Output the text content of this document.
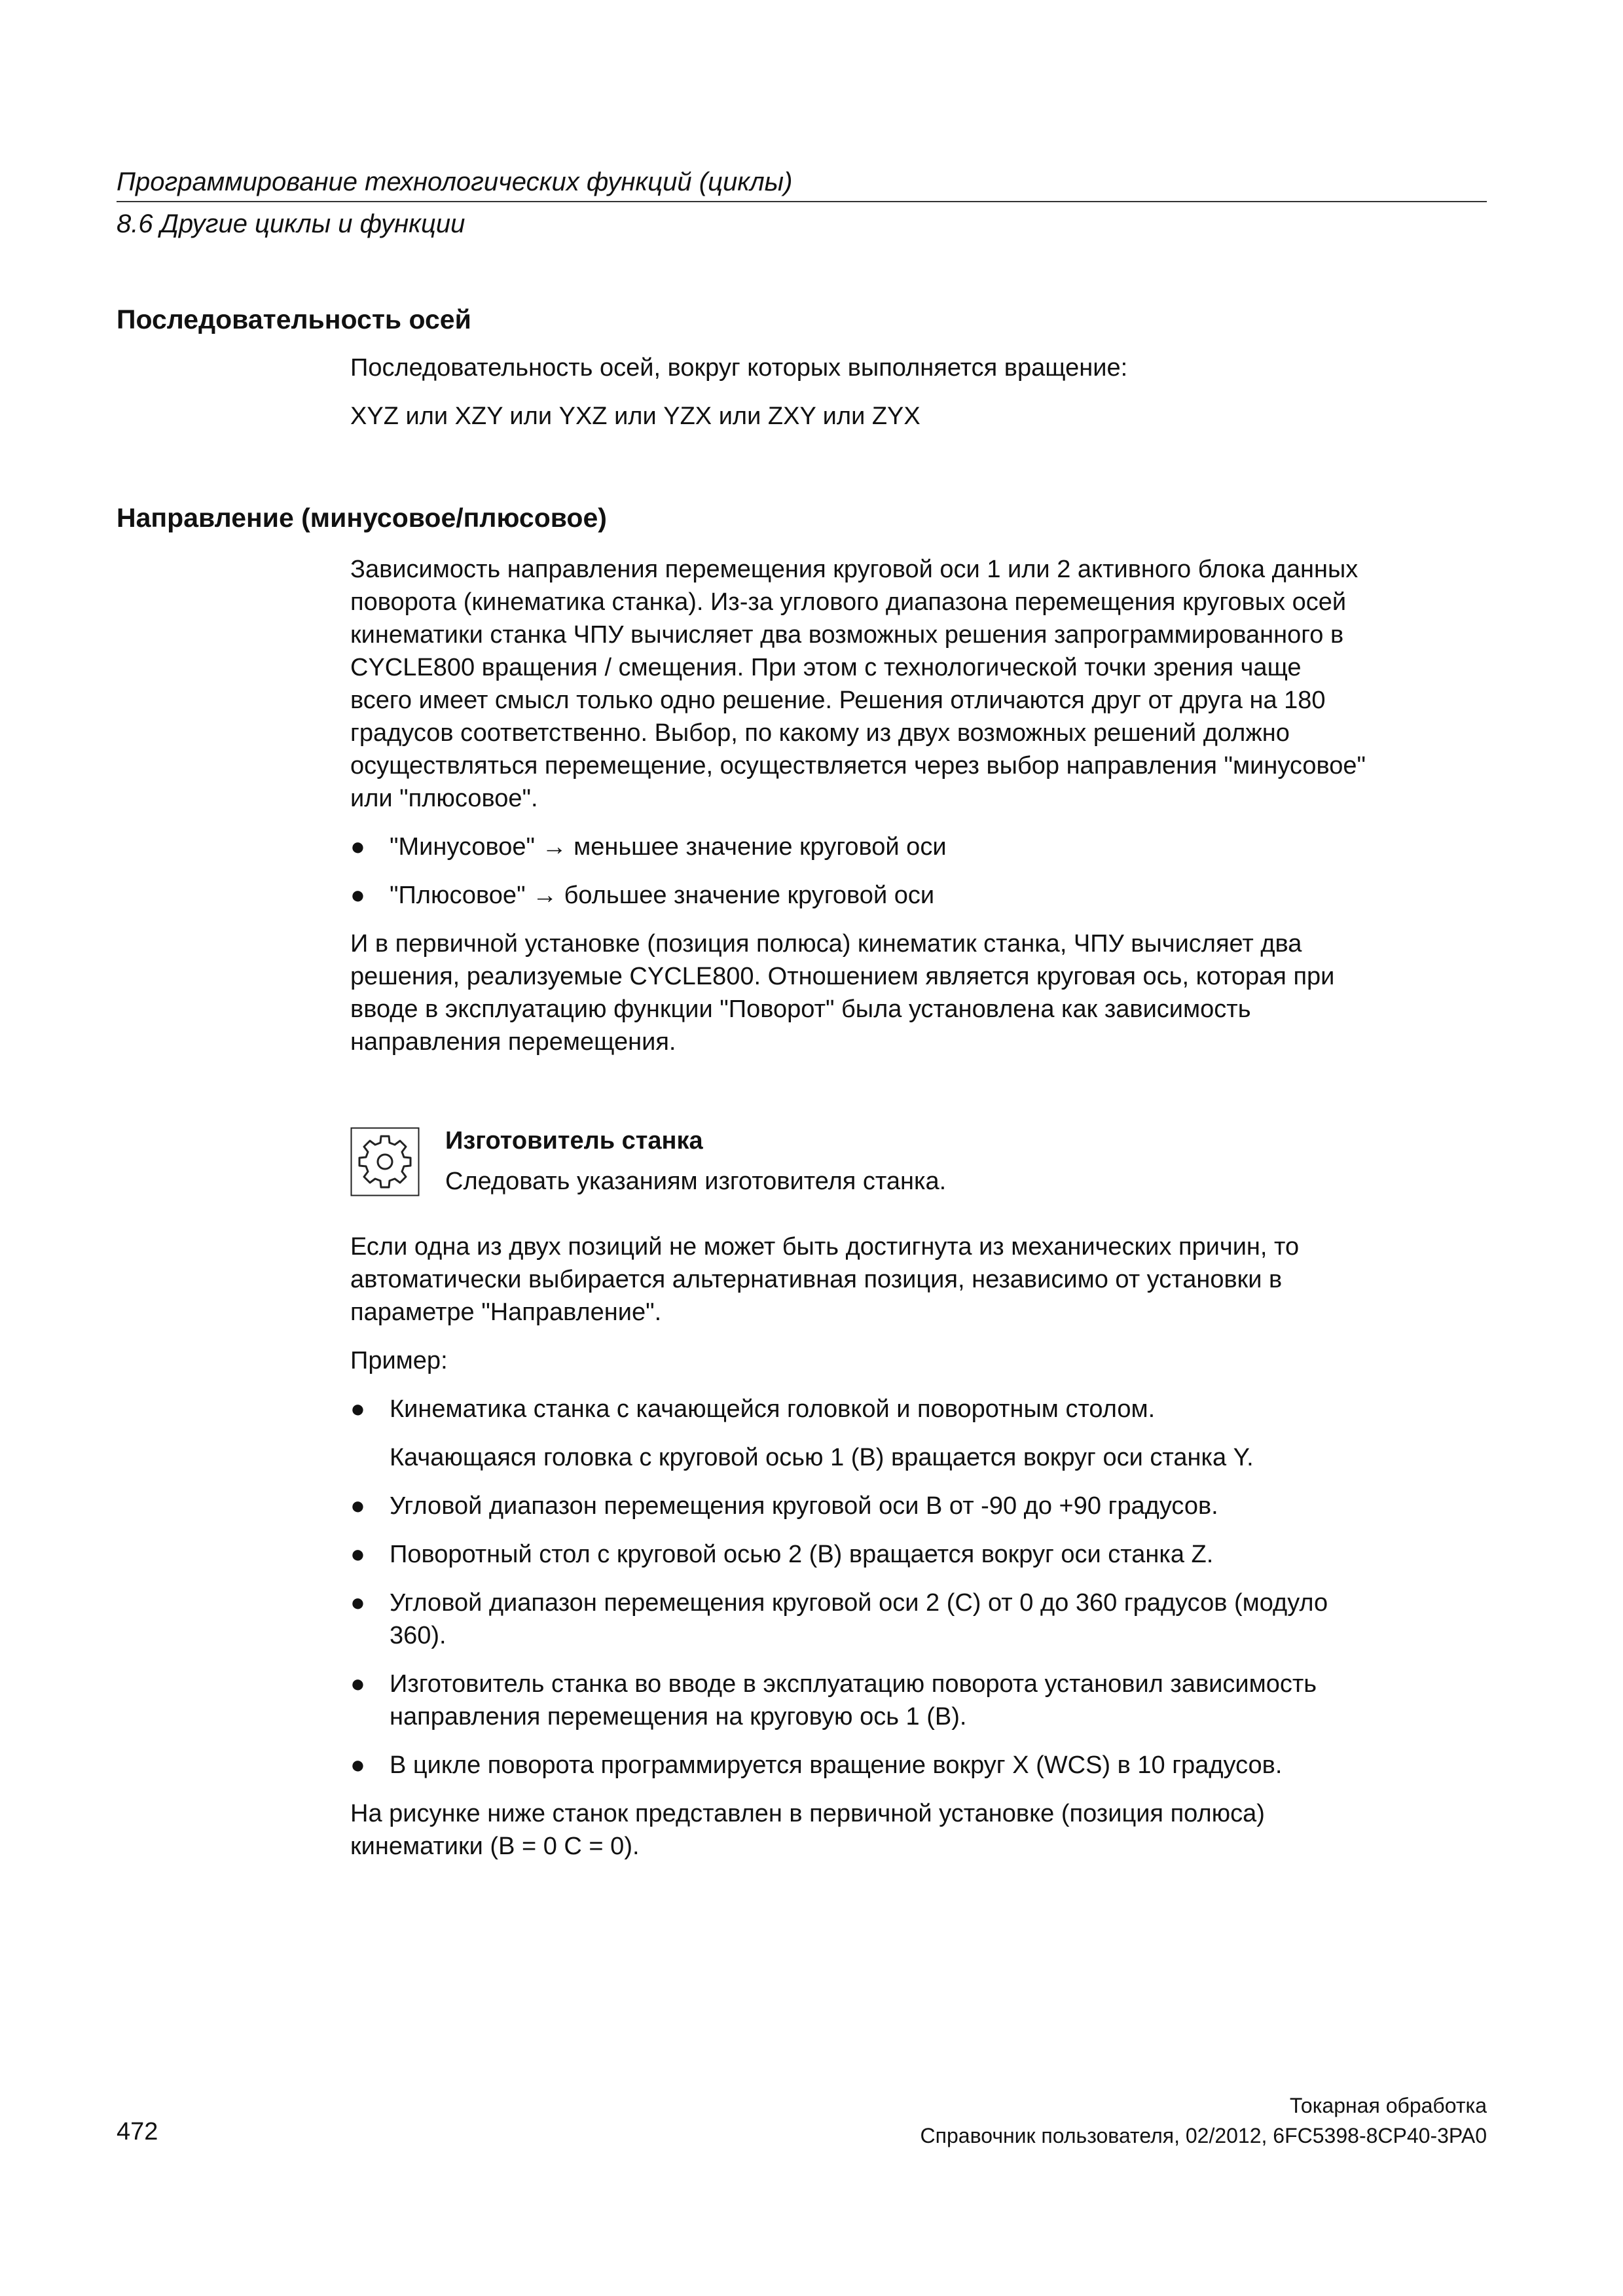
Программирование технологических функций (циклы)
8.6 Другие циклы и функции
Последовательность осей

Последовательность осей, вокруг которых выполняется вращение:

XYZ или XZY или YXZ или YZX или ZXY или ZYX

Направление (минусовое/плюсовое)

Зависимость направления перемещения круговой оси 1 или 2 активного блока данных
поворота (кинематика станка). Из-за углового диапазона перемещения круговых осей
кинематики станка ЧПУ вычисляет два возможных решения запрограммированного в
CYCLE800 вращения / смещения. При этом с технологической точки зрения чаще
всего имеет смысл только одно решение. Решения отличаются друг от друга на 180
градусов соответственно. Выбор, по какому из двух возможных решений должно
осуществляться перемещение, осуществляется через выбор направления "минусовое"
или "плюсовое".

● "Минусовое" → меньшее значение круговой оси
● "Плюсовое" → большее значение круговой оси

И в первичной установке (позиция полюса) кинематик станка, ЧПУ вычисляет два
решения, реализуемые CYCLE800. Отношением является круговая ось, которая при
вводе в эксплуатацию функции "Поворот" была установлена как зависимость
направления перемещения.

Изготовитель станка
Следовать указаниям изготовителя станка.

Если одна из двух позиций не может быть достигнута из механических причин, то
автоматически выбирается альтернативная позиция, независимо от установки в
параметре "Направление".

Пример:

● Кинематика станка с качающейся головкой и поворотным столом.

Качающаяся головка с круговой осью 1 (B) вращается вокруг оси станка Y.

● Угловой диапазон перемещения круговой оси B от -90 до +90 градусов.
● Поворотный стол с круговой осью 2 (B) вращается вокруг оси станка Z.
● Угловой диапазон перемещения круговой оси 2 (C) от 0 до 360 градусов (модуло
360).
● Изготовитель станка во вводе в эксплуатацию поворота установил зависимость
направления перемещения на круговую ось 1 (B).
● В цикле поворота программируется вращение вокруг X (WCS) в 10 градусов.

На рисунке ниже станок представлен в первичной установке (позиция полюса)
кинематики (B = 0 C = 0).

472
Токарная обработка
Справочник пользователя, 02/2012, 6FC5398-8CP40-3PA0
